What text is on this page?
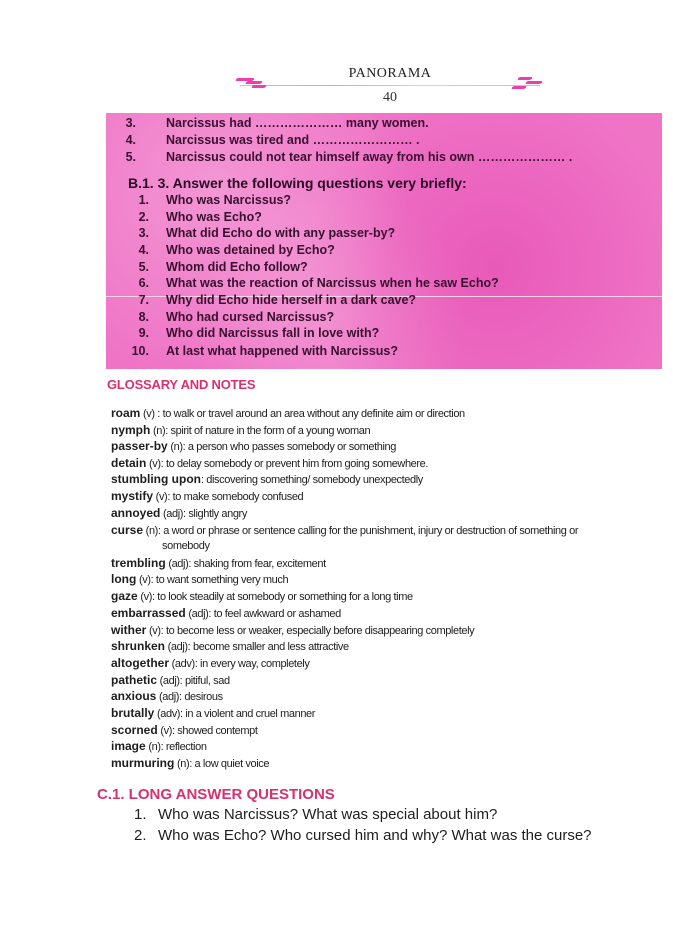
PANORAMA
40
3. Narcissus had ………………… many women.
4. Narcissus was tired and …………………… .
5. Narcissus could not tear himself away from his own ………………… .
B.1. 3. Answer the following questions very briefly:
1. Who was Narcissus?
2. Who was Echo?
3. What did Echo do with any passer-by?
4. Who was detained by Echo?
5. Whom did Echo follow?
6. What was the reaction of Narcissus when he saw Echo?
7. Why did Echo hide herself in a dark cave?
8. Who had cursed Narcissus?
9. Who did Narcissus fall in love with?
10. At last what happened with Narcissus?
GLOSSARY AND NOTES
roam (v) : to walk or travel around an area without any definite aim or direction
nymph (n): spirit of nature in the form of a young woman
passer-by (n): a person who passes somebody or something
detain (v): to delay somebody or prevent him from going somewhere.
stumbling upon: discovering something/ somebody unexpectedly
mystify (v): to make somebody confused
annoyed (adj): slightly angry
curse (n): a word or phrase or sentence calling for the punishment, injury or destruction of something or
somebody
trembling (adj): shaking from fear, excitement
long (v): to want something very much
gaze (v): to look steadily at somebody or something for a long time
embarrassed (adj): to feel awkward or ashamed
wither (v): to become less or weaker, especially before disappearing completely
shrunken (adj): become smaller and less attractive
altogether (adv): in every way, completely
pathetic (adj): pitiful, sad
anxious (adj): desirous
brutally (adv): in a violent and cruel manner
scorned (v): showed contempt
image (n): reflection
murmuring (n): a low quiet voice
C.1. LONG ANSWER QUESTIONS
1. Who was Narcissus? What was special about him?
2. Who was Echo? Who cursed him and why? What was the curse?
